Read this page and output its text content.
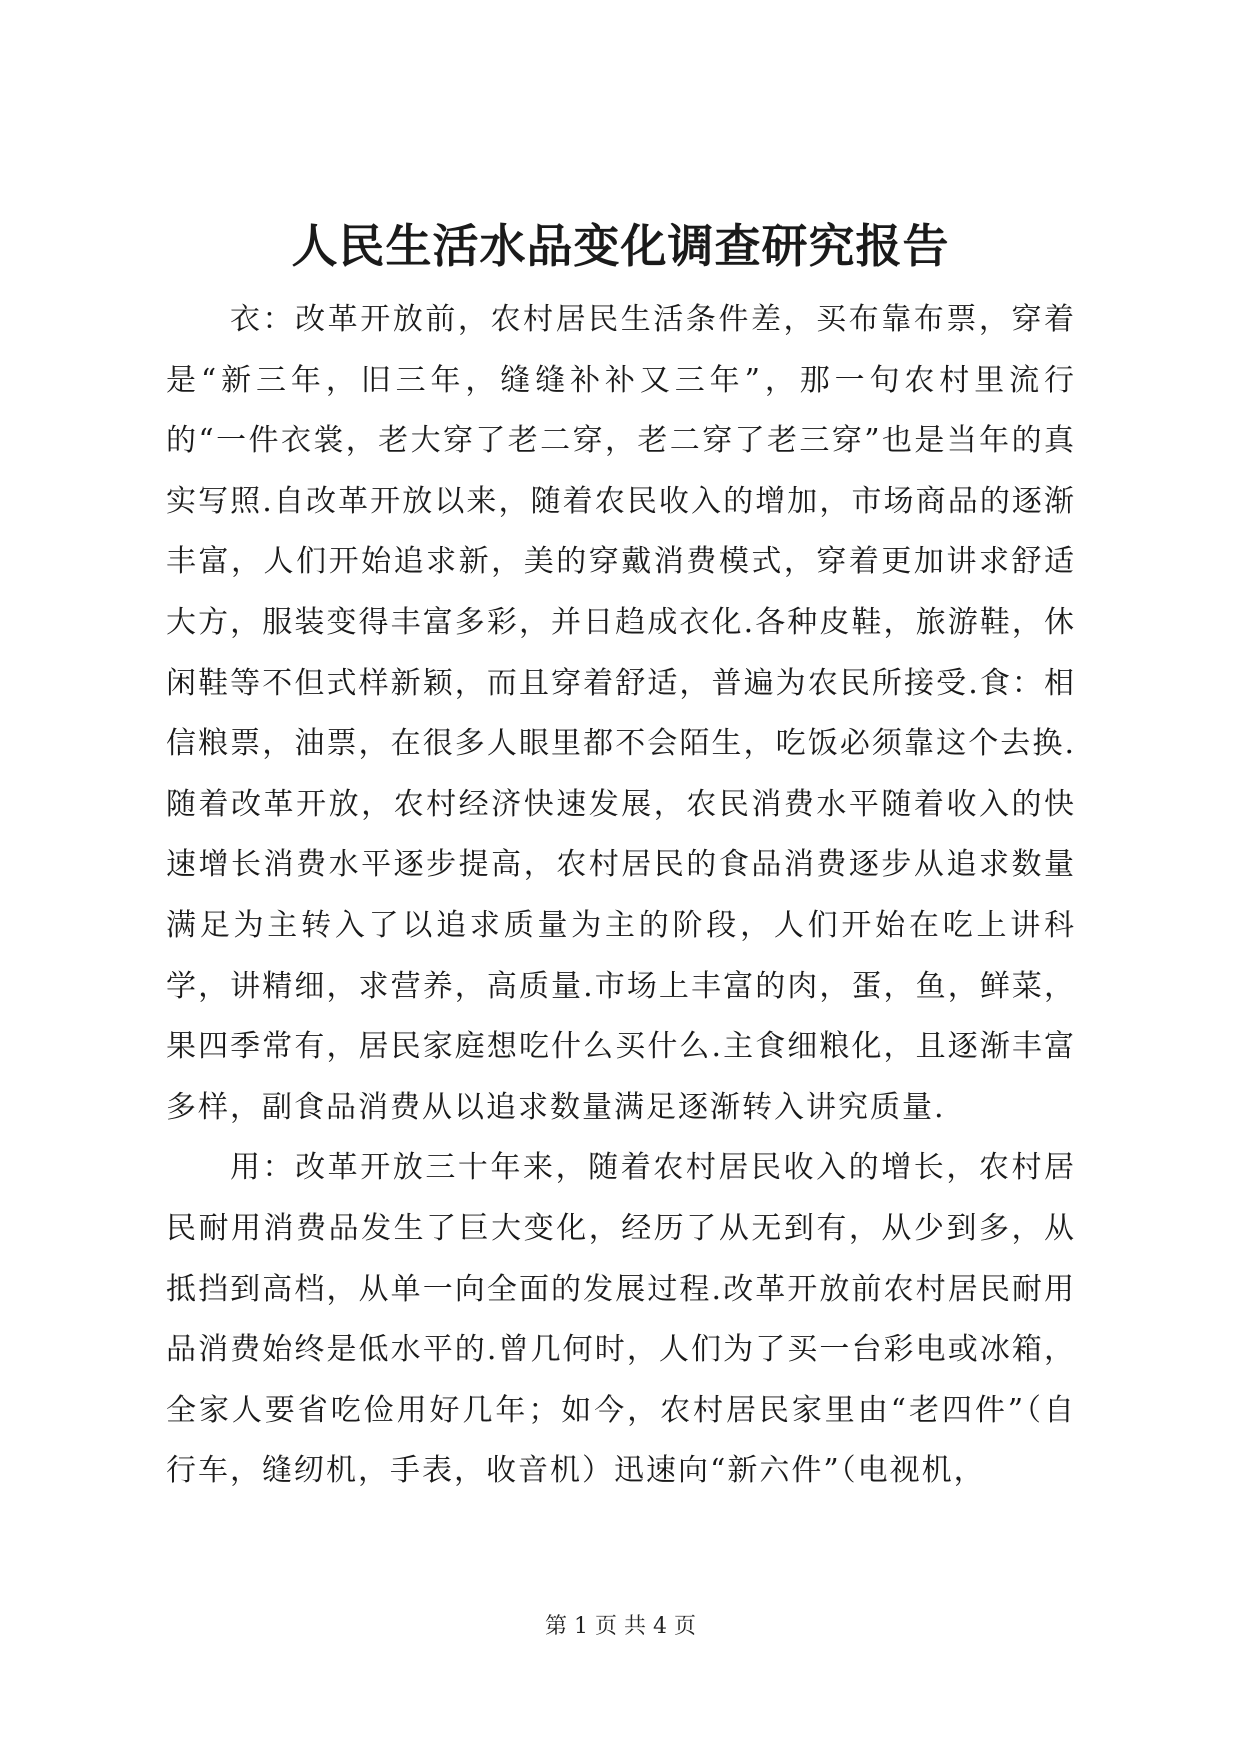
人民生活水品变化调查研究报告

衣：改革开放前，农村居民生活条件差，买布靠布票，穿着是“新三年，旧三年，缝缝补补又三年”，那一句农村里流行的“一件衣裳，老大穿了老二穿，老二穿了老三穿”也是当年的真实写照.自改革开放以来，随着农民收入的增加，市场商品的逐渐丰富，人们开始追求新，美的穿戴消费模式，穿着更加讲求舒适大方，服装变得丰富多彩，并日趋成衣化.各种皮鞋，旅游鞋，休闲鞋等不但式样新颖，而且穿着舒适，普遍为农民所接受.食：相信粮票，油票，在很多人眼里都不会陌生，吃饭必须靠这个去换.随着改革开放，农村经济快速发展，农民消费水平随着收入的快速增长消费水平逐步提高，农村居民的食品消费逐步从追求数量满足为主转入了以追求质量为主的阶段，人们开始在吃上讲科学，讲精细，求营养，高质量.市场上丰富的肉，蛋，鱼，鲜菜，果四季常有，居民家庭想吃什么买什么.主食细粮化，且逐渐丰富多样，副食品消费从以追求数量满足逐渐转入讲究质量.

用：改革开放三十年来，随着农村居民收入的增长，农村居民耐用消费品发生了巨大变化，经历了从无到有，从少到多，从抵挡到高档，从单一向全面的发展过程.改革开放前农村居民耐用品消费始终是低水平的.曾几何时，人们为了买一台彩电或冰箱，全家人要省吃俭用好几年；如今，农村居民家里由“老四件”（自行车，缝纫机，手表，收音机）迅速向“新六件”（电视机，

第 1 页 共 4 页
